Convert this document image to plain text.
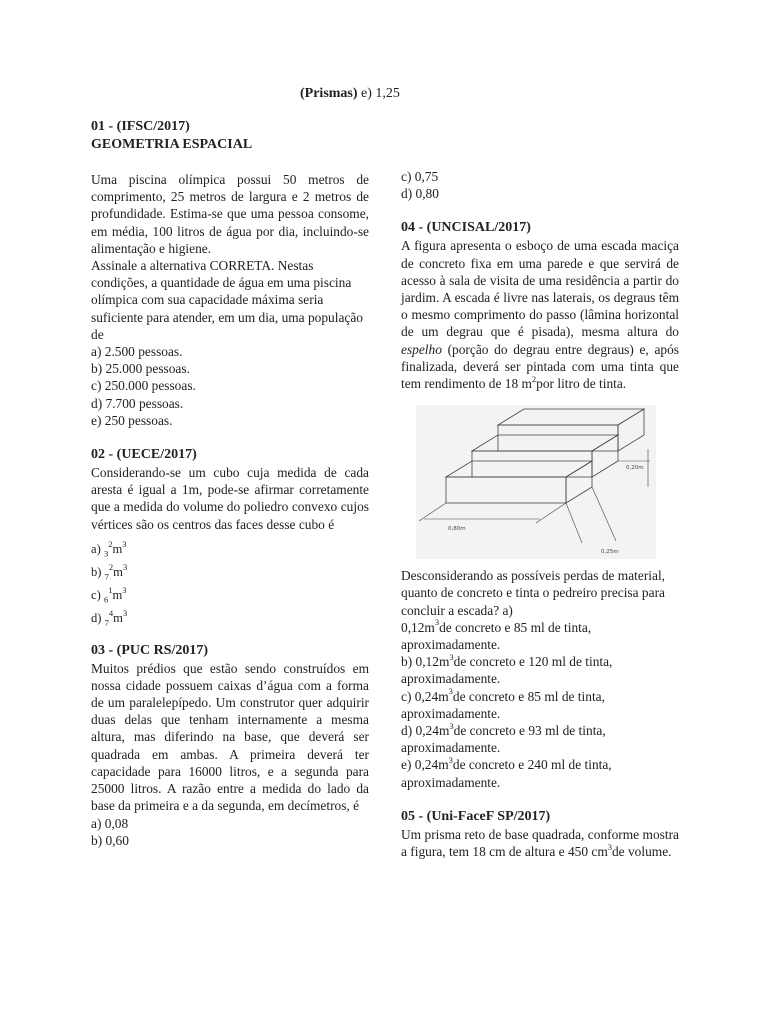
(Prismas) e) 1,25
01 - (IFSC/2017)
GEOMETRIA ESPACIAL
Uma piscina olímpica possui 50 metros de comprimento, 25 metros de largura e 2 metros de profundidade. Estima-se que uma pessoa consome, em média, 100 litros de água por dia, incluindo-se alimentação e higiene.
Assinale a alternativa CORRETA. Nestas condições, a quantidade de água em uma piscina olímpica com sua capacidade máxima seria suficiente para atender, em um dia, uma população de
a) 2.500 pessoas.
b) 25.000 pessoas.
c) 250.000 pessoas.
d) 7.700 pessoas.
e) 250 pessoas.
02 - (UECE/2017)
Considerando-se um cubo cuja medida de cada aresta é igual a 1m, pode-se afirmar corretamente que a medida do volume do poliedro convexo cujos vértices são os centros das faces desse cubo é
a) $_3^2m^3$
b) $_7^2m^3$
c) $_6^1m^3$
d) $_7^4m^3$
03 - (PUC RS/2017)
Muitos prédios que estão sendo construídos em nossa cidade possuem caixas d’água com a forma de um paralelepípedo. Um construtor quer adquirir duas delas que tenham internamente a mesma altura, mas diferindo na base, que deverá ser quadrada em ambas. A primeira deverá ter capacidade para 16000 litros, e a segunda para 25000 litros. A razão entre a medida do lado da base da primeira e a da segunda, em decímetros, é
a) 0,08
b) 0,60
c) 0,75
d) 0,80
04 - (UNCISAL/2017)
A figura apresenta o esboço de uma escada maciça de concreto fixa em uma parede e que servirá de acesso à sala de visita de uma residência a partir do jardim. A escada é livre nas laterais, os degraus têm o mesmo comprimento do passo (lâmina horizontal de um degrau que é pisada), mesma altura do espelho (porção do degrau entre degraus) e, após finalizada, deverá ser pintada com uma tinta que tem rendimento de 18 $m^2por$ litro de tinta.
0,80m
0,25m
0,20m
Desconsiderando as possíveis perdas de material, quanto de concreto e tinta o pedreiro precisa para concluir a escada? a)
$0,12m^3de$ concreto e 85 ml de tinta,
aproximadamente.
b) $0,12m^3de$ concreto e 120 ml de tinta,
aproximadamente.
c) $0,24m^3de$ concreto e 85 ml de tinta,
aproximadamente.
d) $0,24m^3de$ concreto e 93 ml de tinta,
aproximadamente.
e) $0,24m^3de$ concreto e 240 ml de tinta,
aproximadamente.
05 - (Uni-FaceF SP/2017)
Um prisma reto de base quadrada, conforme mostra a figura, tem 18 cm de altura e 450 $cm^3de$ volume.
